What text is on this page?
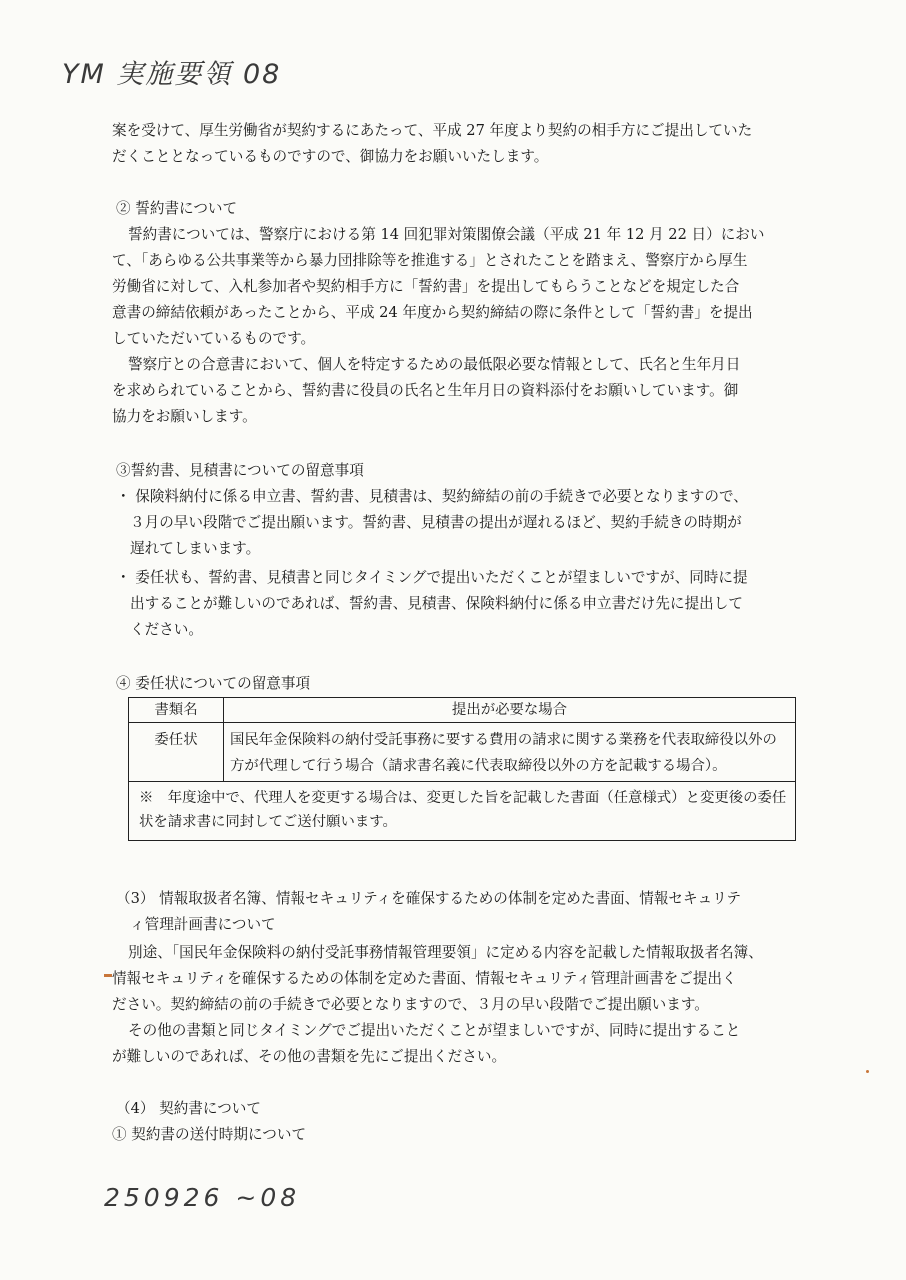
YM 実施要領 08
案を受けて、厚生労働省が契約するにあたって、平成 27 年度より契約の相手方にご提出していた
だくこととなっているものですので、御協力をお願いいたします。
② 誓約書について
誓約書については、警察庁における第 14 回犯罪対策閣僚会議（平成 21 年 12 月 22 日）におい
て、「あらゆる公共事業等から暴力団排除等を推進する」とされたことを踏まえ、警察庁から厚生
労働省に対して、入札参加者や契約相手方に「誓約書」を提出してもらうことなどを規定した合
意書の締結依頼があったことから、平成 24 年度から契約締結の際に条件として「誓約書」を提出
していただいているものです。
警察庁との合意書において、個人を特定するための最低限必要な情報として、氏名と生年月日
を求められていることから、誓約書に役員の氏名と生年月日の資料添付をお願いしています。御
協力をお願いします。
③誓約書、見積書についての留意事項
・ 保険料納付に係る申立書、誓約書、見積書は、契約締結の前の手続きで必要となりますので、
３月の早い段階でご提出願います。誓約書、見積書の提出が遅れるほど、契約手続きの時期が
遅れてしまいます。
・ 委任状も、誓約書、見積書と同じタイミングで提出いただくことが望ましいですが、同時に提
出することが難しいのであれば、誓約書、見積書、保険料納付に係る申立書だけ先に提出して
ください。
④ 委任状についての留意事項
書類名	提出が必要な場合
委任状	国民年金保険料の納付受託事務に要する費用の請求に関する業務を代表取締役以外の方が代理して行う場合（請求書名義に代表取締役以外の方を記載する場合）。
※　年度途中で、代理人を変更する場合は、変更した旨を記載した書面（任意様式）と変更後の委任状を請求書に同封してご送付願います。	
（3） 情報取扱者名簿、情報セキュリティを確保するための体制を定めた書面、情報セキュリテ
ィ管理計画書について
別途、「国民年金保険料の納付受託事務情報管理要領」に定める内容を記載した情報取扱者名簿、
情報セキュリティを確保するための体制を定めた書面、情報セキュリティ管理計画書をご提出く
ださい。契約締結の前の手続きで必要となりますので、３月の早い段階でご提出願います。
その他の書類と同じタイミングでご提出いただくことが望ましいですが、同時に提出すること
が難しいのであれば、その他の書類を先にご提出ください。
（4） 契約書について
① 契約書の送付時期について
250926 ~08
